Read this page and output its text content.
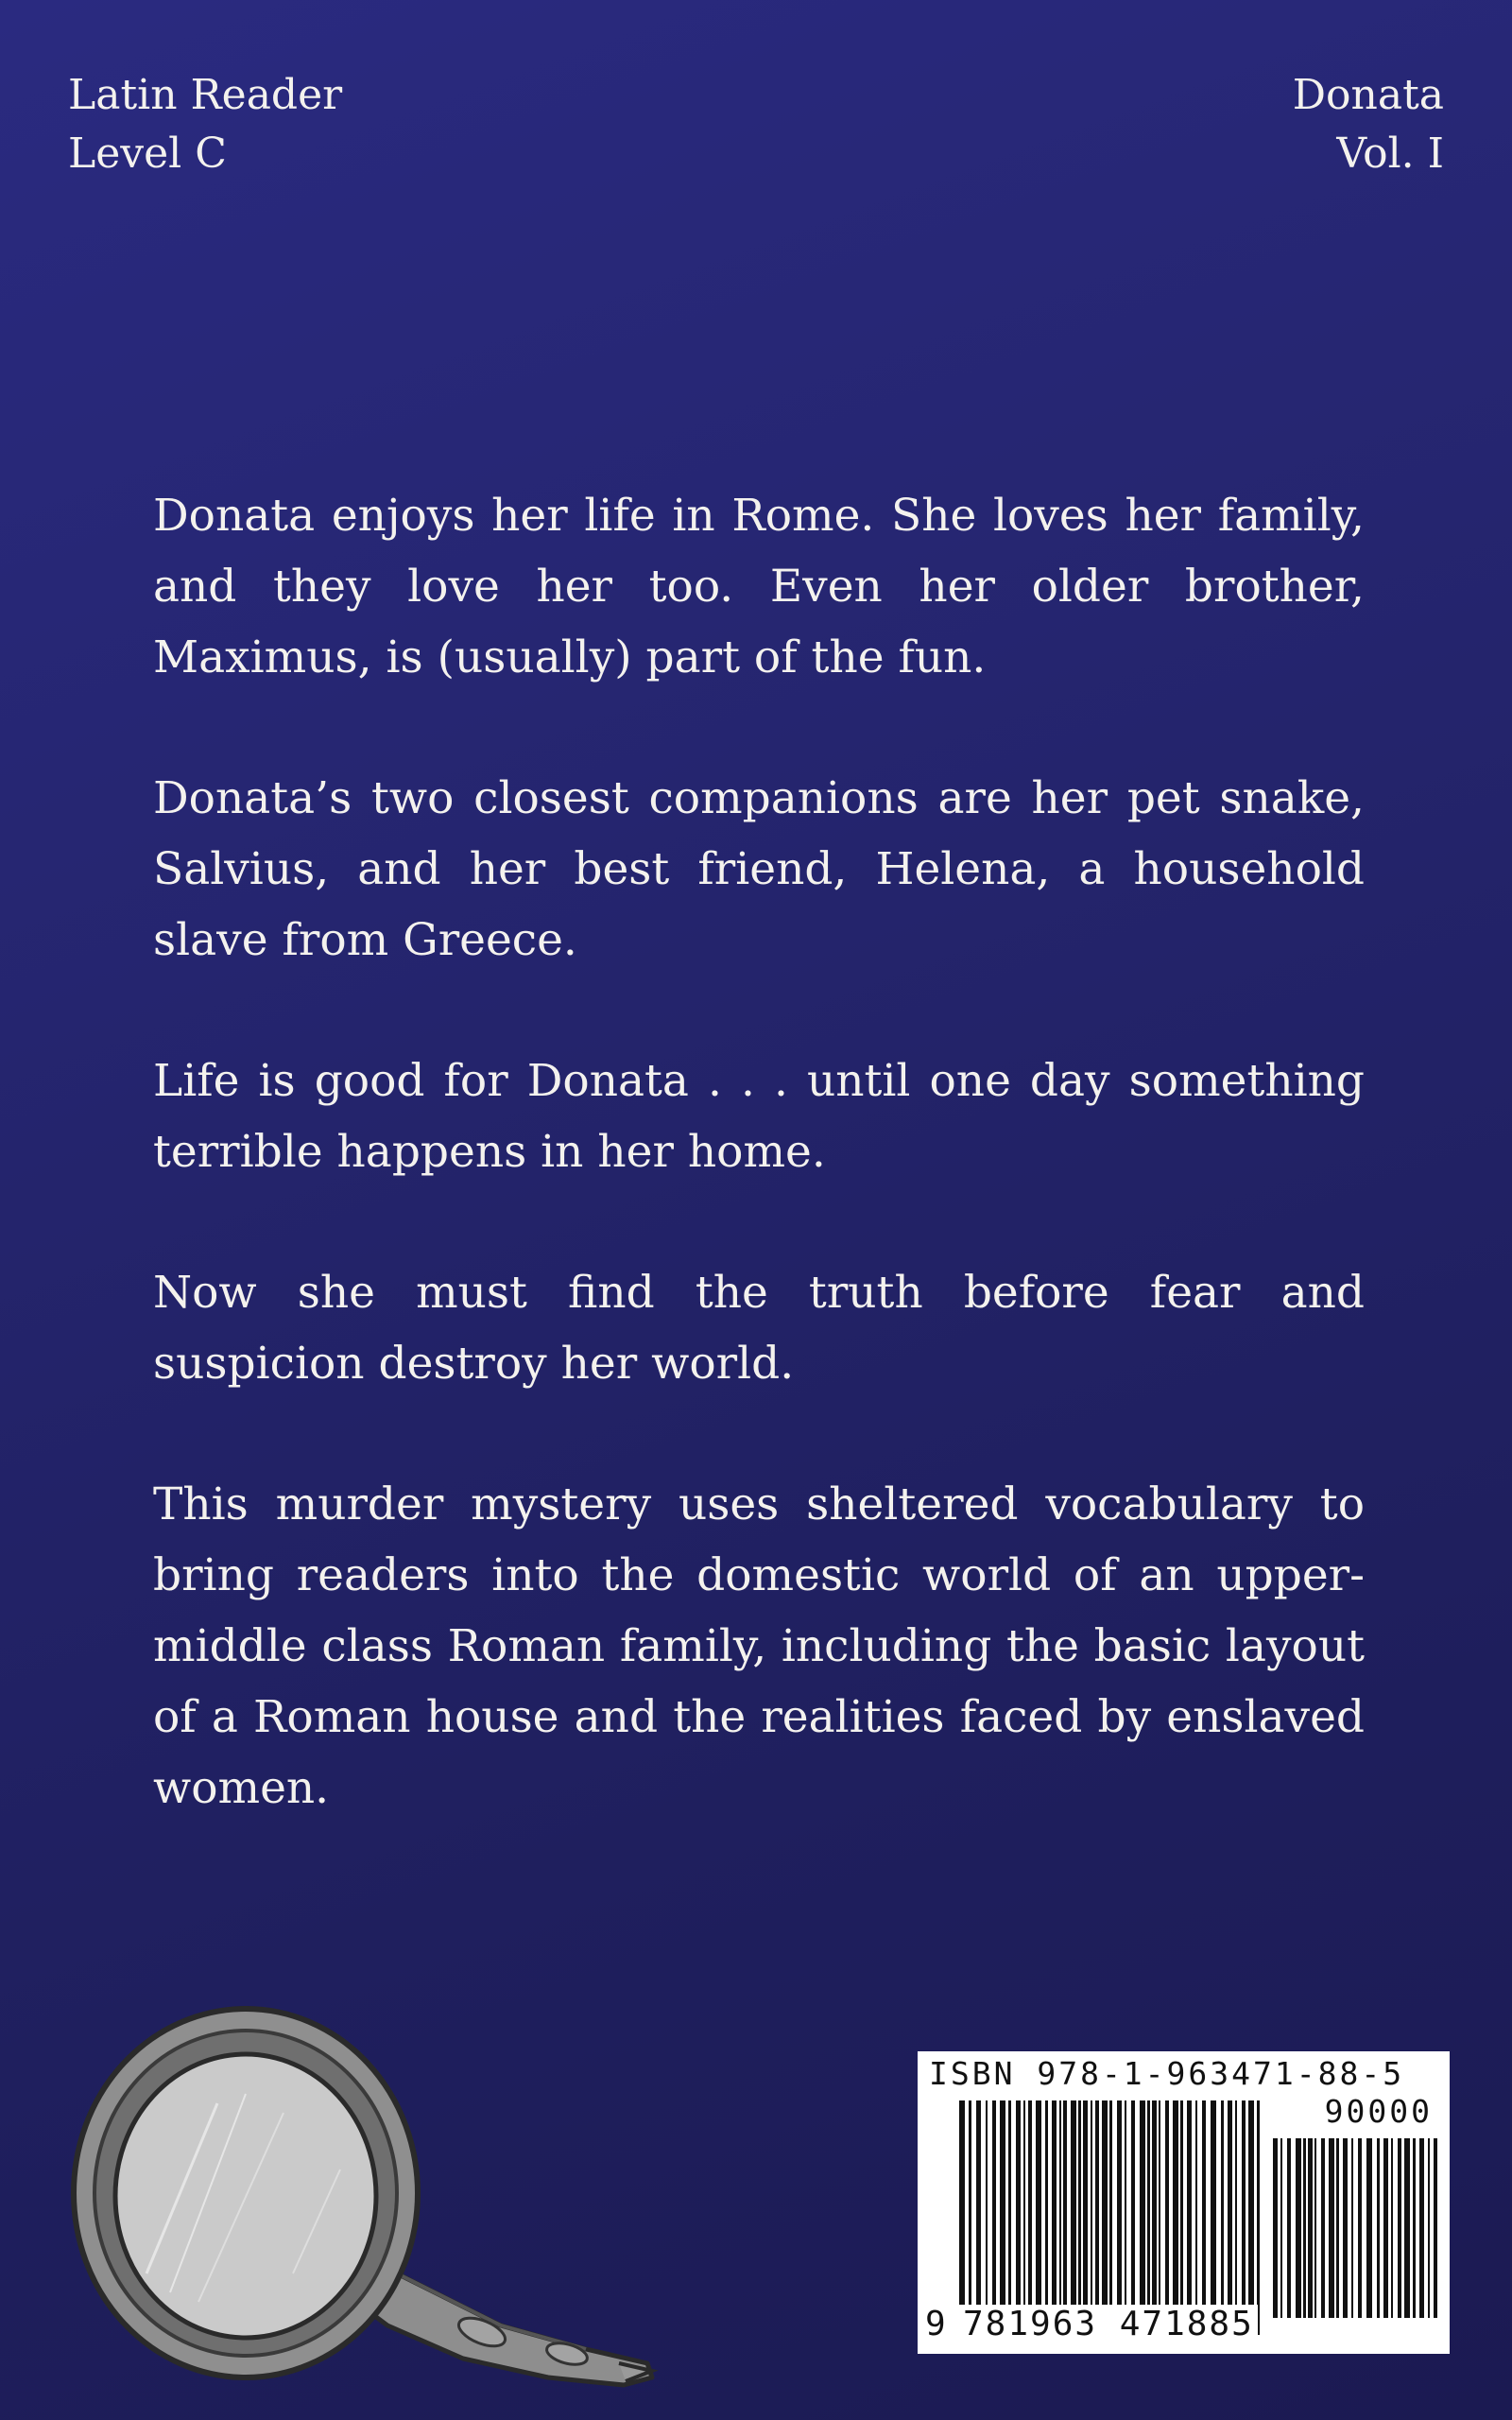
Latin Reader
Level C
Donata
Vol. I

Donata enjoys her life in Rome. She loves her family, and they love her too. Even her older brother, Maximus, is (usually) part of the fun.

Donata’s two closest companions are her pet snake, Salvius, and her best friend, Helena, a household slave from Greece.

Life is good for Donata . . . until one day something terrible happens in her home.

Now she must find the truth before fear and suspicion destroy her world.

This murder mystery uses sheltered vocabulary to bring readers into the domestic world of an upper-middle class Roman family, including the basic layout of a Roman house and the realities faced by enslaved women.

ISBN 978-1-963471-88-5
90000
9 781963 471885
